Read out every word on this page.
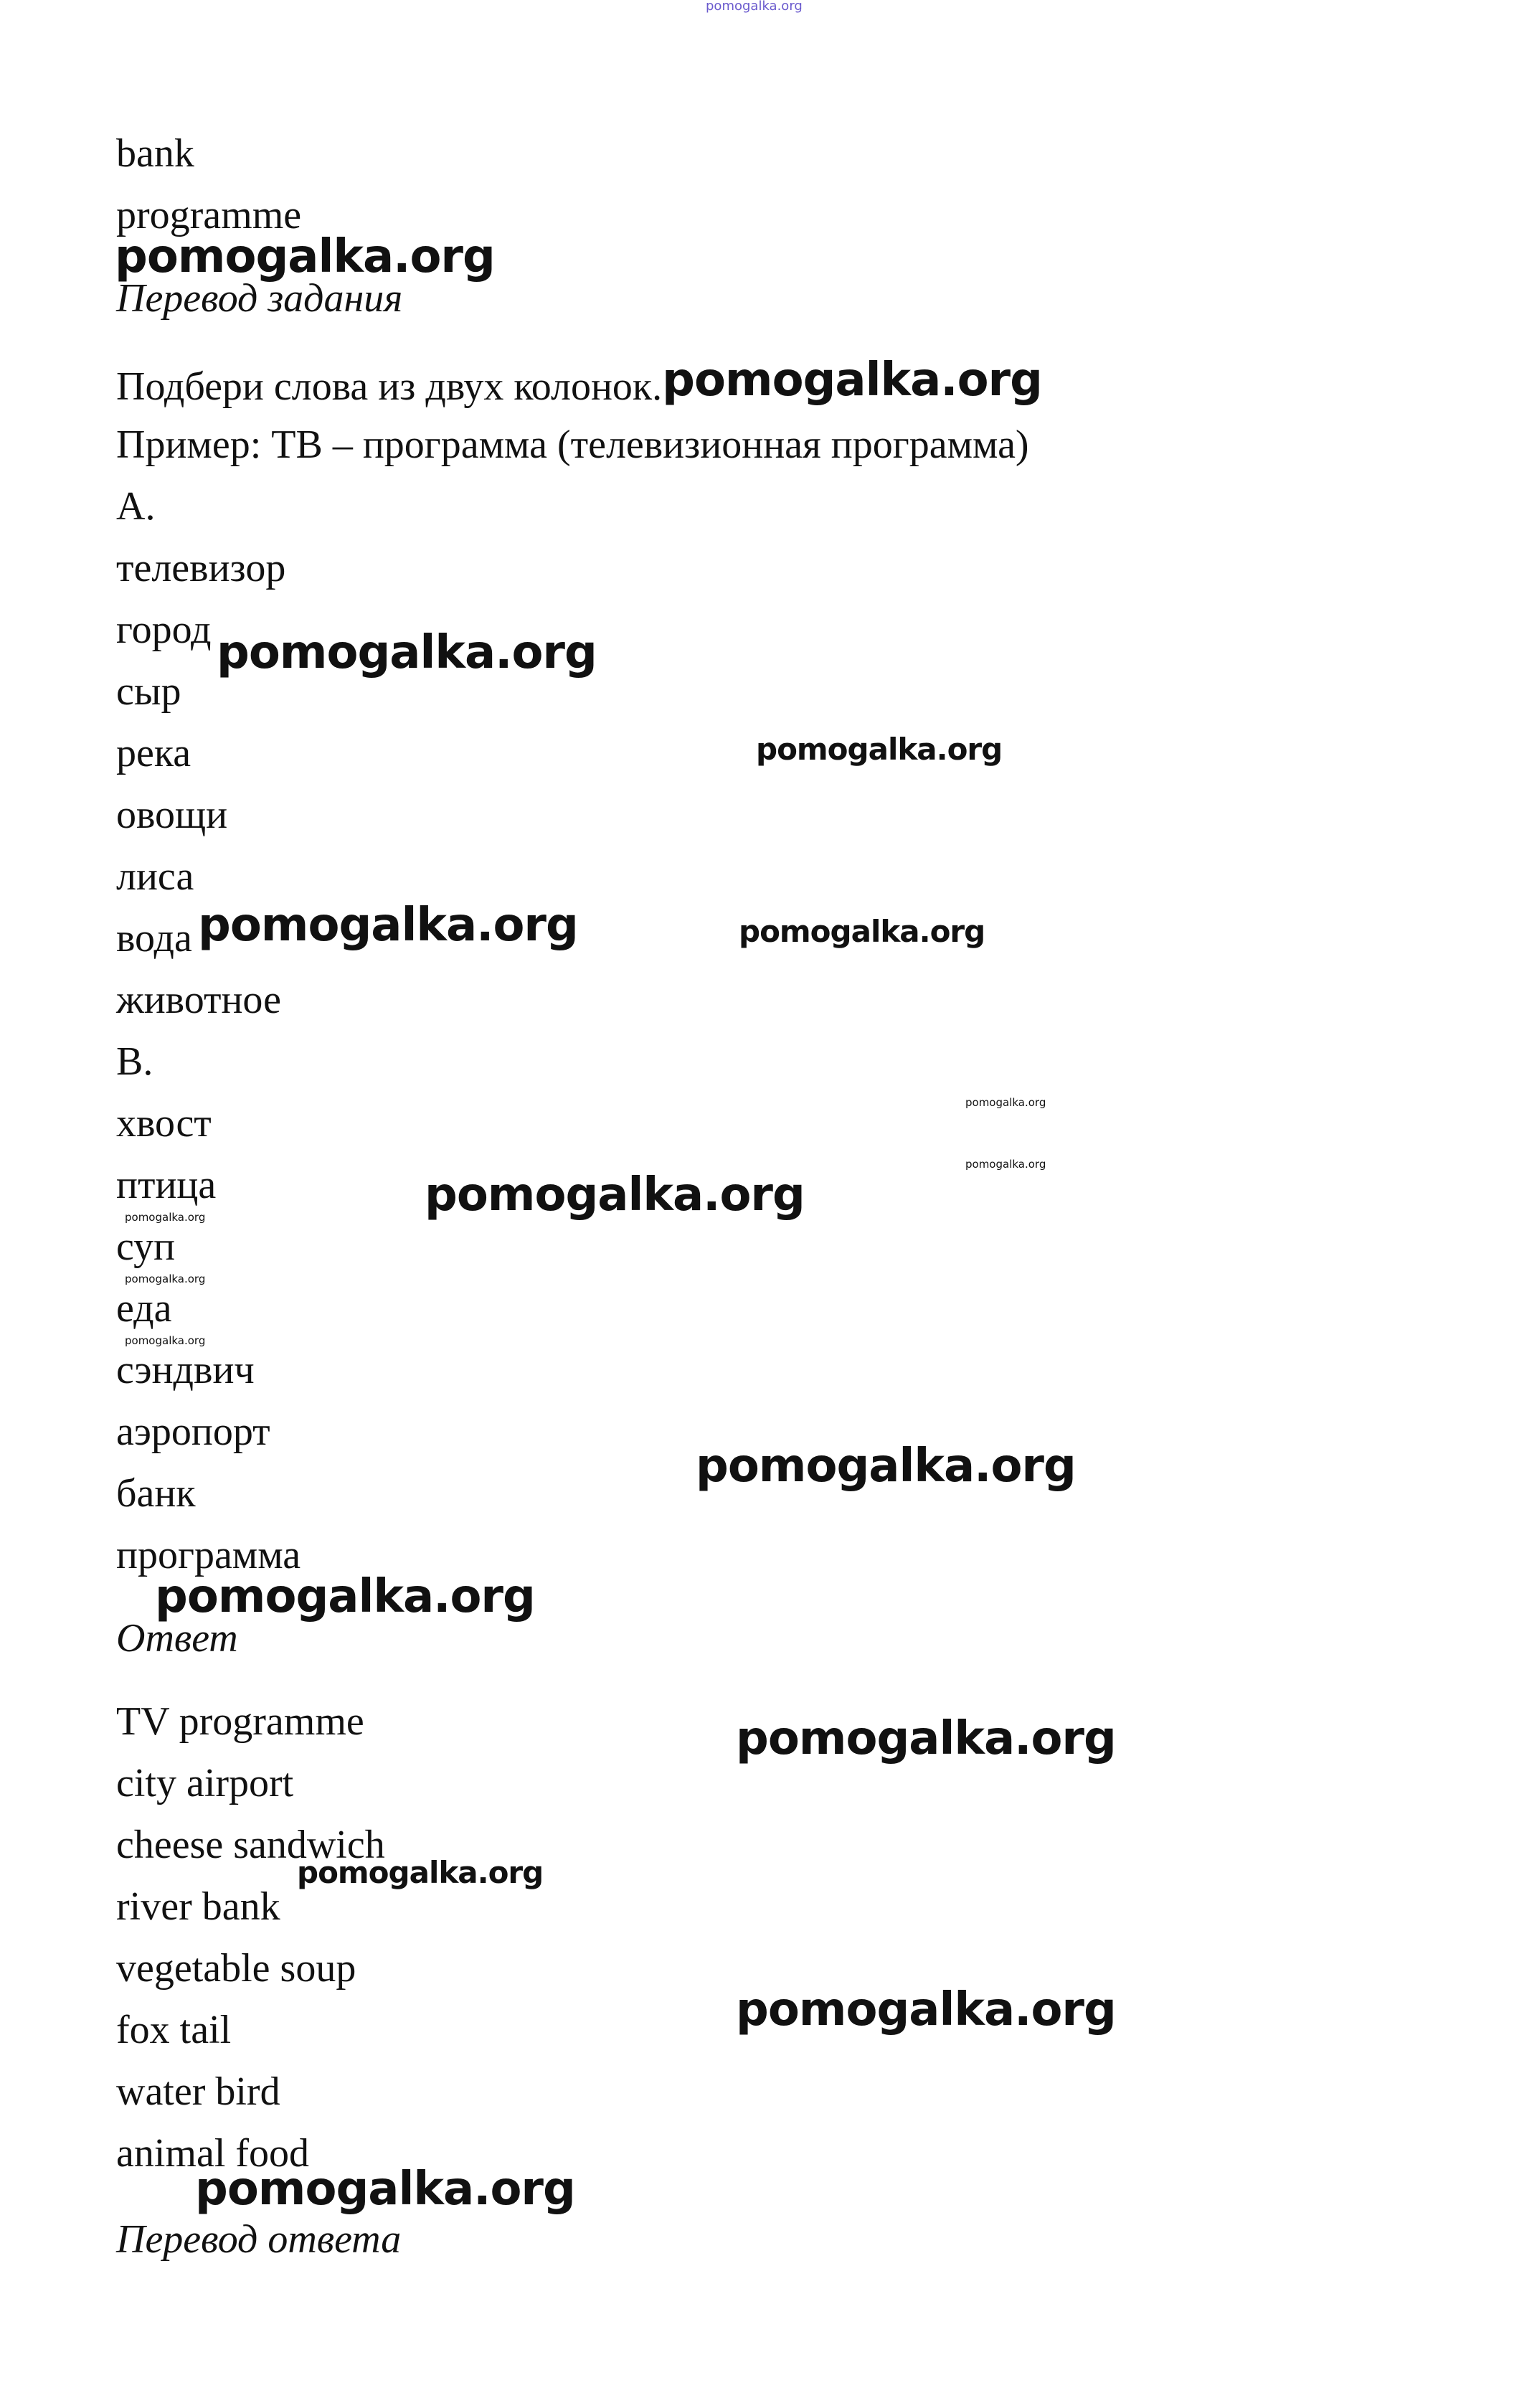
pomogalka.org
bank
programme
pomogalka.org
Перевод задания
Подбери слова из двух колонок.pomogalka.org
Пример: ТВ – программа (телевизионная программа)
А.
телевизор
город pomogalka.org
сыр
река	pomogalka.org
овощи
лиса
вода pomogalka.org	pomogalka.org
животное
В.
хвост	pomogalka.org
птица	pomogalka.org
pomogalka.org
pomogalka.org
суп
pomogalka.org
еда
pomogalka.org
сэндвич
аэропорт
pomogalka.org
банк
программа
pomogalka.org
Ответ
TV programme	pomogalka.org
city airport
cheese sandwich
pomogalka.org
river bank
vegetable soup
fox tail	pomogalka.org
water bird
animal food
pomogalka.org
Перевод ответа
